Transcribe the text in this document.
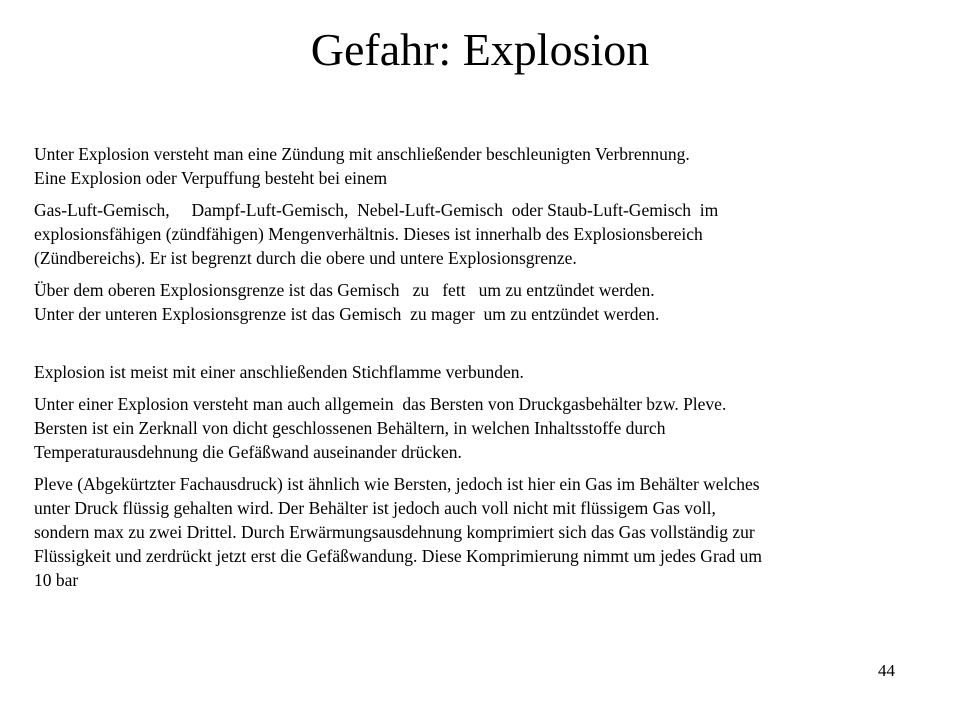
Gefahr: Explosion
Unter Explosion versteht man eine Zündung mit anschließender beschleunigten Verbrennung.
Eine Explosion oder Verpuffung besteht bei einem
Gas-Luft-Gemisch,     Dampf-Luft-Gemisch,  Nebel-Luft-Gemisch  oder Staub-Luft-Gemisch  im
explosionsfähigen (zündfähigen) Mengenverhältnis. Dieses ist innerhalb des Explosionsbereich
(Zündbereichs). Er ist begrenzt durch die obere und untere Explosionsgrenze.
Über dem oberen Explosionsgrenze ist das Gemisch   zu   fett   um zu entzündet werden.
Unter der unteren Explosionsgrenze ist das Gemisch  zu mager  um zu entzündet werden.
Explosion ist meist mit einer anschließenden Stichflamme verbunden.
Unter einer Explosion versteht man auch allgemein  das Bersten von Druckgasbehälter bzw. Pleve.
Bersten ist ein Zerknall von dicht geschlossenen Behältern, in welchen Inhaltsstoffe durch
Temperaturausdehnung die Gefäßwand auseinander drücken.
Pleve (Abgekürtzter Fachausdruck) ist ähnlich wie Bersten, jedoch ist hier ein Gas im Behälter welches
unter Druck flüssig gehalten wird. Der Behälter ist jedoch auch voll nicht mit flüssigem Gas voll,
sondern max zu zwei Drittel. Durch Erwärmungsausdehnung komprimiert sich das Gas vollständig zur
Flüssigkeit und zerdrückt jetzt erst die Gefäßwandung. Diese Komprimierung nimmt um jedes Grad um
10 bar
44
